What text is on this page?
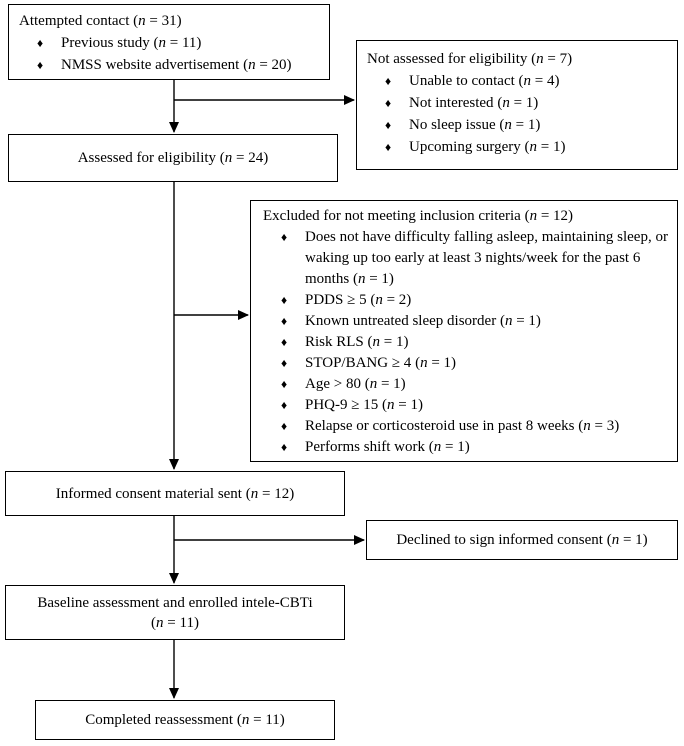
Attempted contact (n = 31)
♦	Previous study (n = 11)
♦	NMSS website advertisement (n = 20)	Not assessed for eligibility (n = 7)
♦	Unable to contact (n = 4)
♦	Not interested (n = 1)
♦	No sleep issue (n = 1)
♦	Upcoming surgery (n = 1)
Assessed for eligibility (n = 24)
Excluded for not meeting inclusion criteria (n = 12)
♦	Does not have difficulty falling asleep, maintaining sleep, or waking up too early at least 3 nights/week for the past 6 months (n = 1)
♦	PDDS ≥ 5 (n = 2)
♦	Known untreated sleep disorder (n = 1)
♦	Risk RLS (n = 1)
♦	STOP/BANG ≥ 4 (n = 1)
♦	Age > 80 (n = 1)
♦	PHQ-9 ≥ 15 (n = 1)
♦	Relapse or corticosteroid use in past 8 weeks (n = 3)
♦	Performs shift work (n = 1)
Informed consent material sent (n = 12)
Declined to sign informed consent (n = 1)
Baseline assessment and enrolled intele-CBTi
(n = 11)
Completed reassessment (n = 11)
